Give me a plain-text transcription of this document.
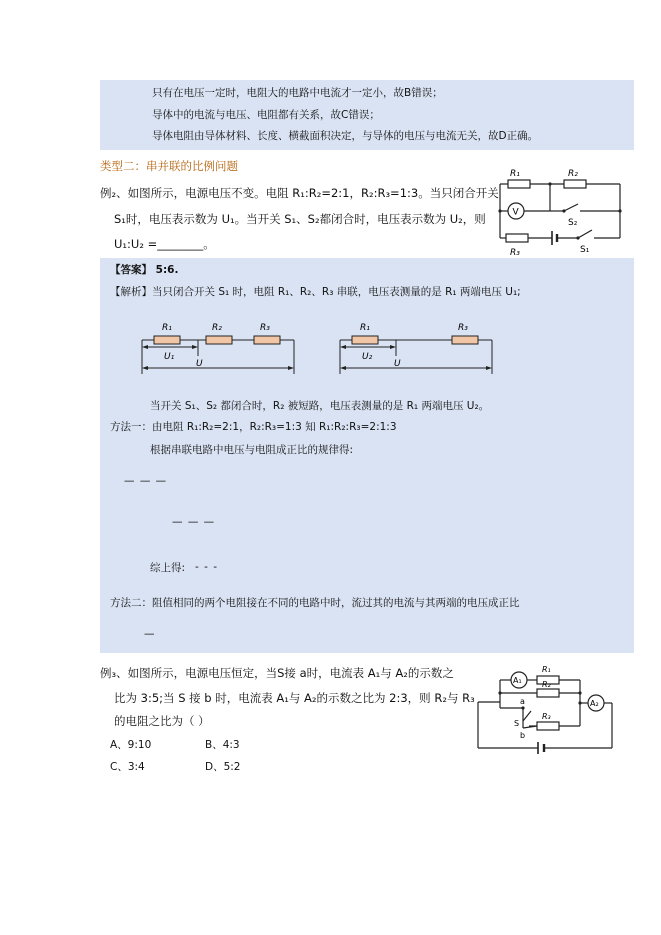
只有在电压一定时，电阻大的电路中电流才一定小，故B错误；
导体中的电流与电压、电阻都有关系，故C错误；
导体电阻由导体材料、长度、横截面积决定，与导体的电压与电流无关，故D正确。
类型二：串并联的比例问题
例₂、如图所示，电源电压不变。电阻 R₁:R₂=2:1，R₂:R₃=1:3。当只闭合开关
S₁时，电压表示数为 U₁。当开关 S₁、S₂都闭合时，电压表示数为 U₂，则
U₁:U₂ =________。
R₁	R₂
V
S₂
R₃	S₁
【答案】 5:6.
【解析】当只闭合开关 S₁ 时，电阻 R₁、R₂、R₃ 串联，电压表测量的是 R₁ 两端电压 U₁;
R₁	R₂	R₃
U₁
U
R₁	R₃
U₂
U
当开关 S₁、S₂ 都闭合时，R₂ 被短路，电压表测量的是 R₁ 两端电压 U₂。
方法一：由电阻 R₁:R₂=2:1，R₂:R₃=1:3 知 R₁:R₂:R₃=2:1:3
根据串联电路中电压与电阻成正比的规律得:
— — —
— — —
综上得: - - -
方法二：阻值相同的两个电阻接在不同的电路中时，流过其的电流与其两端的电压成正比
—
例₃、如图所示，电源电压恒定，当S接 a时，电流表 A₁与 A₂的示数之
比为 3:5;当 S 接 b 时，电流表 A₁与 A₂的示数之比为 2:3，则 R₂与 R₃
的电阻之比为（ ）
A、9:10	B、4:3
C、3:4	D、5:2
A₁
R₁
R₂
a
R₃
S
b
A₂
